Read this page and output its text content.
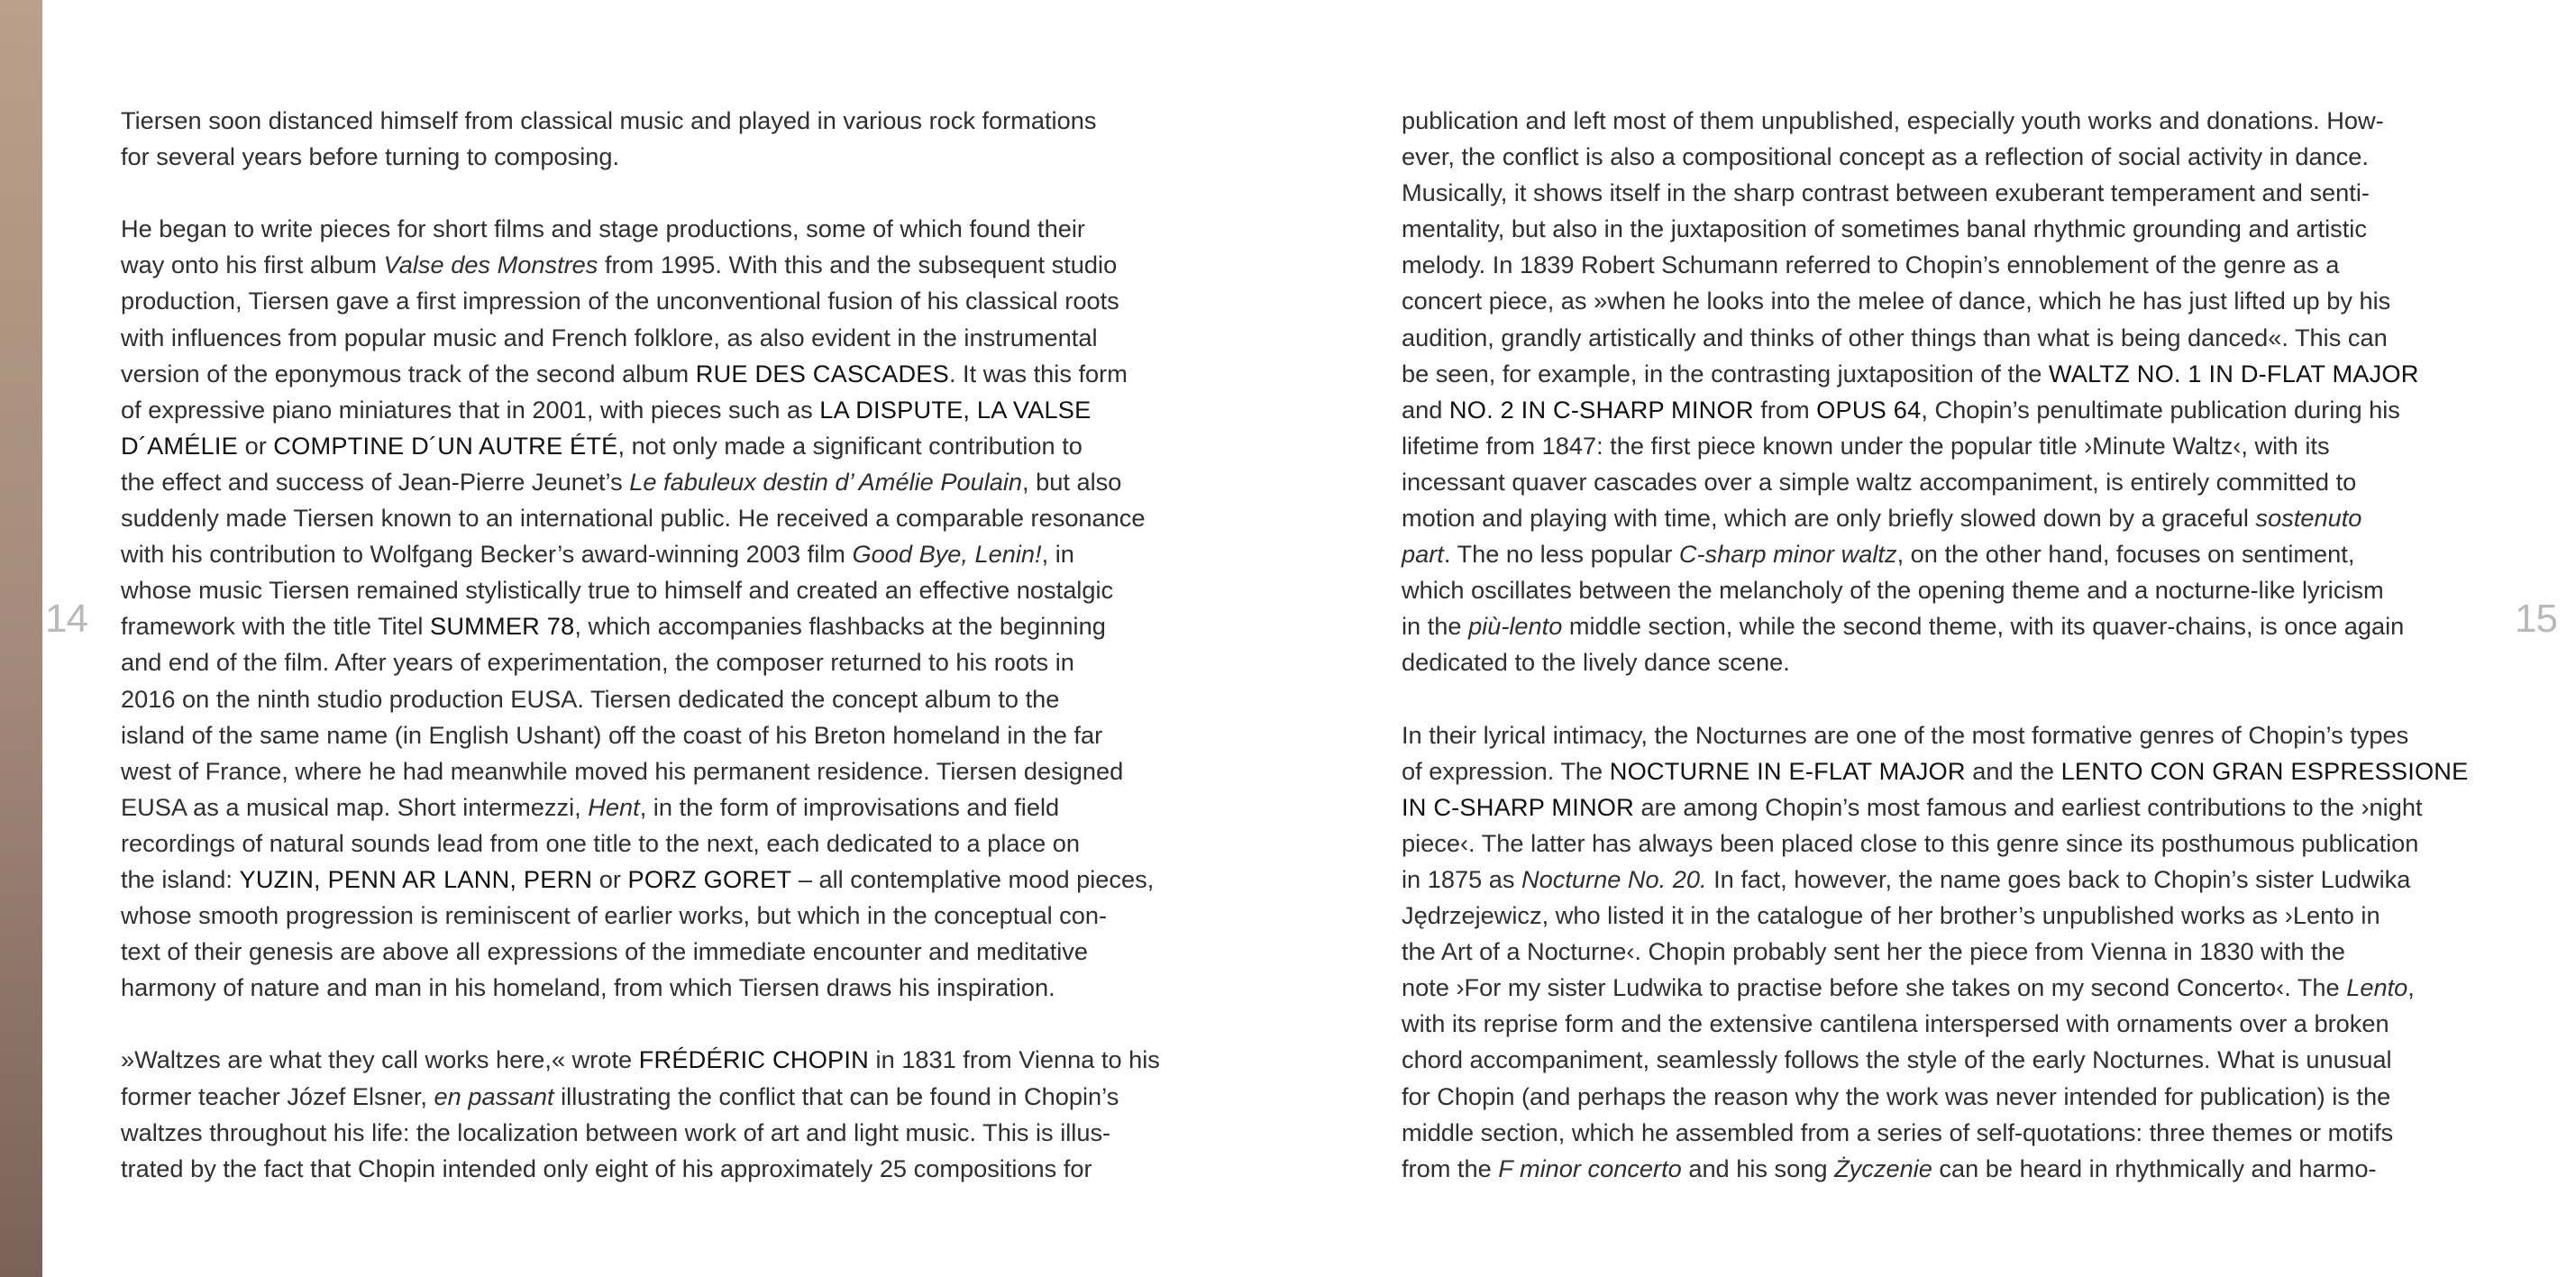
14	15

Tiersen soon distanced himself from classical music and played in various rock formations
for several years before turning to composing.

He began to write pieces for short films and stage productions, some of which found their
way onto his first album Valse des Monstres from 1995. With this and the subsequent studio
production, Tiersen gave a first impression of the unconventional fusion of his classical roots
with influences from popular music and French folklore, as also evident in the instrumental
version of the eponymous track of the second album RUE DES CASCADES. It was this form
of expressive piano miniatures that in 2001, with pieces such as LA DISPUTE, LA VALSE
D´AMÉLIE or COMPTINE D´UN AUTRE ÉTÉ, not only made a significant contribution to
the effect and success of Jean-Pierre Jeunet’s Le fabuleux destin d’ Amélie Poulain, but also
suddenly made Tiersen known to an international public. He received a comparable resonance
with his contribution to Wolfgang Becker’s award-winning 2003 film Good Bye, Lenin!, in
whose music Tiersen remained stylistically true to himself and created an effective nostalgic
framework with the title Titel SUMMER 78, which accompanies flashbacks at the beginning
and end of the film. After years of experimentation, the composer returned to his roots in
2016 on the ninth studio production EUSA. Tiersen dedicated the concept album to the
island of the same name (in English Ushant) off the coast of his Breton homeland in the far
west of France, where he had meanwhile moved his permanent residence. Tiersen designed
EUSA as a musical map. Short intermezzi, Hent, in the form of improvisations and field
recordings of natural sounds lead from one title to the next, each dedicated to a place on
the island: YUZIN, PENN AR LANN, PERN or PORZ GORET – all contemplative mood pieces,
whose smooth progression is reminiscent of earlier works, but which in the conceptual con-
text of their genesis are above all expressions of the immediate encounter and meditative
harmony of nature and man in his homeland, from which Tiersen draws his inspiration.

»Waltzes are what they call works here,« wrote FRÉDÉRIC CHOPIN in 1831 from Vienna to his
former teacher Józef Elsner, en passant illustrating the conflict that can be found in Chopin’s
waltzes throughout his life: the localization between work of art and light music. This is illus-
trated by the fact that Chopin intended only eight of his approximately 25 compositions for

publication and left most of them unpublished, especially youth works and donations. How-
ever, the conflict is also a compositional concept as a reflection of social activity in dance.
Musically, it shows itself in the sharp contrast between exuberant temperament and senti-
mentality, but also in the juxtaposition of sometimes banal rhythmic grounding and artistic
melody. In 1839 Robert Schumann referred to Chopin’s ennoblement of the genre as a
concert piece, as »when he looks into the melee of dance, which he has just lifted up by his
audition, grandly artistically and thinks of other things than what is being danced«. This can
be seen, for example, in the contrasting juxtaposition of the WALTZ NO. 1 IN D-FLAT MAJOR
and NO. 2 IN C-SHARP MINOR from OPUS 64, Chopin’s penultimate publication during his
lifetime from 1847: the first piece known under the popular title ›Minute Waltz‹, with its
incessant quaver cascades over a simple waltz accompaniment, is entirely committed to
motion and playing with time, which are only briefly slowed down by a graceful sostenuto
part. The no less popular C-sharp minor waltz, on the other hand, focuses on sentiment,
which oscillates between the melancholy of the opening theme and a nocturne-like lyricism
in the più-lento middle section, while the second theme, with its quaver-chains, is once again
dedicated to the lively dance scene.

In their lyrical intimacy, the Nocturnes are one of the most formative genres of Chopin’s types
of expression. The NOCTURNE IN E-FLAT MAJOR and the LENTO CON GRAN ESPRESSIONE
IN C-SHARP MINOR are among Chopin’s most famous and earliest contributions to the ›night
piece‹. The latter has always been placed close to this genre since its posthumous publication
in 1875 as Nocturne No. 20. In fact, however, the name goes back to Chopin’s sister Ludwika
Jędrzejewicz, who listed it in the catalogue of her brother’s unpublished works as ›Lento in
the Art of a Nocturne‹. Chopin probably sent her the piece from Vienna in 1830 with the
note ›For my sister Ludwika to practise before she takes on my second Concerto‹. The Lento,
with its reprise form and the extensive cantilena interspersed with ornaments over a broken
chord accompaniment, seamlessly follows the style of the early Nocturnes. What is unusual
for Chopin (and perhaps the reason why the work was never intended for publication) is the
middle section, which he assembled from a series of self-quotations: three themes or motifs
from the F minor concerto and his song Życzenie can be heard in rhythmically and harmo-
